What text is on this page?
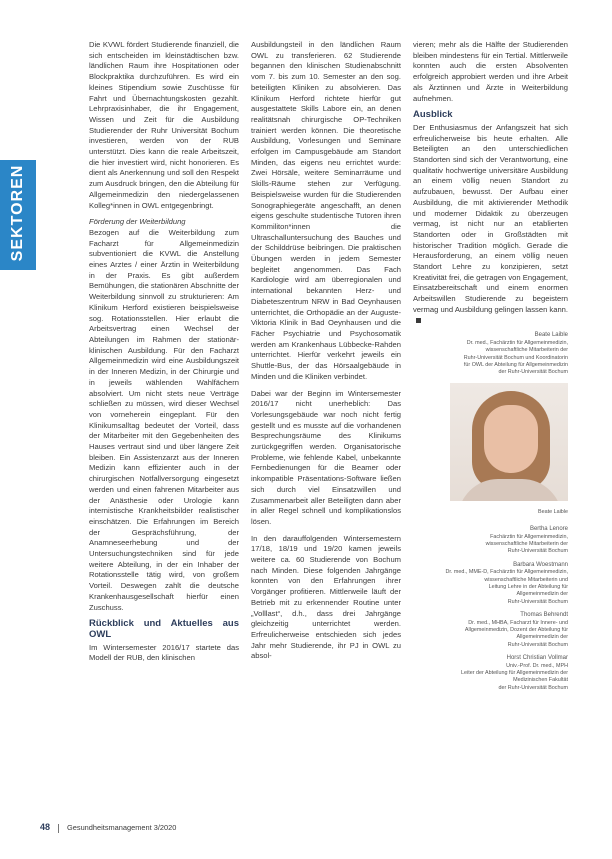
SEKTOREN

Die KVWL fördert Studierende finanziell, die sich entscheiden im kleinstädtischen bzw. ländlichen Raum ihre Hospitationen oder Blockpraktika durchzuführen. Es wird ein kleines Stipendium sowie Zuschüsse für Fahrt und Übernachtungskosten gezahlt. Lehrpraxisinhaber, die ihr Engagement, Wissen und Zeit für die Ausbildung Studierender der Ruhr Universität Bochum investieren, werden von der RUB unterstützt. Dies kann die reale Arbeitszeit, die hier investiert wird, nicht honorieren. Es dient als Anerkennung und soll den Respekt zum Ausdruck bringen, den die Abteilung für Allgemeinmedizin den niedergelassenen Kolleg*innen in OWL entgegenbringt.

Förderung der Weiterbildung

Bezogen auf die Weiterbildung zum Facharzt für Allgemeinmedizin subventioniert die KVWL die Anstellung eines Arztes / einer Ärztin in Weiterbildung in der Praxis. Es gibt außerdem Bemühungen, die stationären Abschnitte der Weiterbildung sinnvoll zu strukturieren: Am Klinikum Herford existieren beispielsweise sog. Rotationsstellen. Hier erlaubt die Arbeitsvertrag einen Wechsel der Abteilungen im Rahmen der stationär-klinischen Ausbildung. Für den Facharzt Allgemeinmedizin wird eine Ausbildungszeit in der Inneren Medizin, in der Chirurgie und in jeweils wählenden Wahlfächern absolviert. Um nicht stets neue Verträge schließen zu müssen, wird dieser Wechsel von vorneherein eingeplant. Für den Klinikumsalltag bedeutet der Vorteil, dass der Mitarbeiter mit den Gegebenheiten des Hauses vertraut sind und über längere Zeit bleiben. Ein Assistenzarzt aus der Inneren Medizin kann effizienter auch in der chirurgischen Notfallversorgung eingesetzt werden und einen fahrenen Mitarbeiter aus der Anästhesie oder Urologie kann internistische Krankheitsbilder realistischer einschätzen. Die Erfahrungen im Bereich der Gesprächsführung, der Anamneseerhebung und der Untersuchungstechniken sind für jede weitere Abteilung, in der ein Inhaber der Rotationsstelle tätig wird, von großem Vorteil. Deswegen zahlt die deutsche Krankenhausgesellschaft hierfür einen Zuschuss.

Rückblick und Aktuelles aus OWL

Im Wintersemester 2016/17 startete das Modell der RUB, den klinischen

Ausbildungsteil in den ländlichen Raum OWL zu transferieren. 62 Studierende begannen den klinischen Studienabschnitt vom 7. bis zum 10. Semester an den sog. beteiligten Kliniken zu absolvieren. Das Klinikum Herford richtete hierfür gut ausgestattete Skills Labore ein, an denen realitätsnah chirurgische OP-Techniken trainiert werden können. Die theoretische Ausbildung, Vorlesungen und Seminare erfolgen im Campusgebäude am Standort Minden, das eigens neu errichtet wurde: Zwei Hörsäle, weitere Seminarräume und Skills-Räume stehen zur Verfügung. Beispielsweise wurden für die Studierenden Sonographiegeräte angeschafft, an denen eigens geschulte studentische Tutoren ihren Kommiliton*innen die Ultraschalluntersuchung des Bauches und der Schilddrüse beibringen. Die praktischen Übungen werden in jedem Semester begleitet angenommen. Das Fach Kardiologie wird am überregionalen und international bekannten Herz- und Diabeteszentrum NRW in Bad Oeynhausen unterrichtet, die Orthopädie an der Auguste-Viktoria Klinik in Bad Oeynhausen und die Fächer Psychiatrie und Psychosomatik werden am Krankenhaus Lübbecke-Rahden unterrichtet. Hierfür verkehrt jeweils ein Shuttle-Bus, der das Hörsaalgebäude in Minden und die Kliniken verbindet.

Dabei war der Beginn im Wintersemester 2016/17 nicht unerheblich: Das Vorlesungsgebäude war noch nicht fertig gestellt und es musste auf die vorhandenen Besprechungsräume des Klinikums zurückgegriffen werden. Organisatorische Probleme, wie fehlende Kabel, unbekannte Fernbedienungen für die Beamer oder inkompatible Präsentations-Software ließen sich durch viel Einsatzwillen und Zusammenarbeit aller Beteiligten dann aber in aller Regel schnell und komplikationslos lösen.

In den darauffolgenden Wintersemestern 17/18, 18/19 und 19/20 kamen jeweils weitere ca. 60 Studierende von Bochum nach Minden. Diese folgenden Jahrgänge konnten von den Erfahrungen ihrer Vorgänger profitieren. Mittlerweile läuft der Betrieb mit zu erkennender Routine unter „Volllast“, d.h., dass drei Jahrgänge gleichzeitig unterrichtet werden. Erfreulicherweise entschieden sich jedes Jahr mehr Studierende, ihr PJ in OWL zu absol-

vieren; mehr als die Hälfte der Studierenden bleiben mindestens für ein Tertial. Mittlerweile konnten auch die ersten Absolventen erfolgreich approbiert werden und ihre Arbeit als Ärztinnen und Ärzte in Weiterbildung aufnehmen.

Ausblick

Der Enthusiasmus der Anfangszeit hat sich erfreulicherweise bis heute erhalten. Alle Beteiligten an den unterschiedlichen Standorten sind sich der Verantwortung, eine qualitativ hochwertige universitäre Ausbildung an einem völlig neuen Standort zu aufzubauen, bewusst. Der Aufbau einer Ausbildung, die mit aktivierender Methodik und moderner Didaktik zu überzeugen vermag, ist nicht nur an etablierten Standorten oder in Großstädten mit historischer Tradition möglich. Gerade die Herausforderung, an einem völlig neuen Standort Lehre zu konzipieren, setzt Kreativität frei, die getragen von Engagement, Einsatzbereitschaft und einem enormen Arbeitswillen Studierende zu begeistern vermag und Ausbildung gelingen lassen kann.

Beate Laible
Dr. med., Fachärztin für Allgemeinmedizin,
wissenschaftliche Mitarbeiterin der
Ruhr-Universität Bochum und Koordinatorin
für OWL der Abteilung für Allgemeinmedizin
der Ruhr-Universität Bochum
Beate Laible
Bertha Lenore
Fachärztin für Allgemeinmedizin,
wissenschaftliche Mitarbeiterin der
Ruhr-Universität Bochum
Barbara Woestmann
Dr. med., MME-D, Fachärztin für Allgemeinmedizin,
wissenschaftliche Mitarbeiterin und
Leitung Lehre in der Abteilung für
Allgemeinmedizin der
Ruhr-Universität Bochum
Thomas Behrendt
Dr. med., MHBA, Facharzt für Innere- und
Allgemeinmedizin, Dozent der Abteilung für
Allgemeinmedizin der
Ruhr-Universität Bochum
Horst Christian Vollmar
Univ.-Prof. Dr. med., MPH
Leiter der Abteilung für Allgemeinmedizin der
Medizinischen Fakultät
der Ruhr-Universität Bochum
48 Gesundheitsmanagement 3/2020
